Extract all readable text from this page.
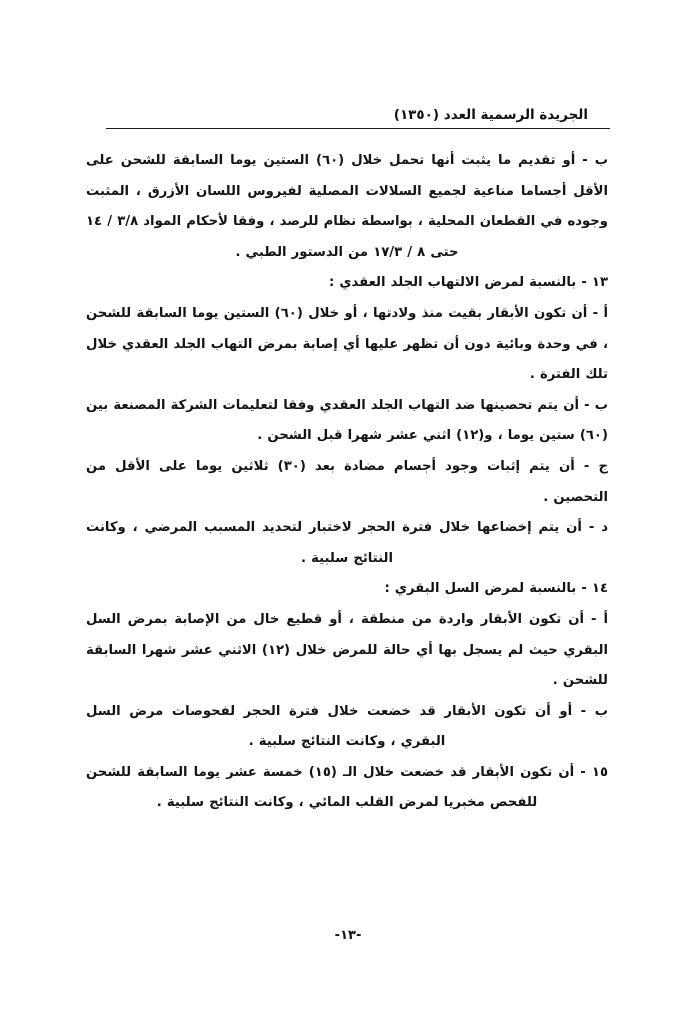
الجريدة الرسمية العدد (١٣٥٠)

ب - أو تقديم ما يثبت أنها تحمل خلال (٦٠) الستين يوما السابقة للشحن على الأقل أجساما مناعية لجميع السلالات المصلية لفيروس اللسان الأزرق ، المثبت وجوده في القطعان المحلية ، بواسطة نظام للرصد ، وفقا لأحكام المواد ٣/٨ / ١٤ حتى ٨ / ١٧/٣ من الدستور الطبي .

١٣ - بالنسبة لمرض الالتهاب الجلد العقدي :

أ - أن تكون الأبقار بقيت منذ ولادتها ، أو خلال (٦٠) الستين يوما السابقة للشحن ، في وحدة وبائية دون أن تظهر عليها أي إصابة بمرض التهاب الجلد العقدي خلال تلك الفترة .

ب - أن يتم تحصينها ضد التهاب الجلد العقدي وفقا لتعليمات الشركة المصنعة بين (٦٠) ستين يوما ، و(١٢) اثني عشر شهرا قبل الشحن .

ج - أن يتم إثبات وجود أجسام مضادة بعد (٣٠) ثلاثين يوما على الأقل من التحصين .

د - أن يتم إخضاعها خلال فترة الحجر لاختبار لتحديد المسبب المرضي ، وكانت النتائج سلبية .

١٤ - بالنسبة لمرض السل البقري :

أ - أن تكون الأبقار واردة من منطقة ، أو قطيع خال من الإصابة بمرض السل البقري حيث لم يسجل بها أي حالة للمرض خلال (١٢) الاثني عشر شهرا السابقة للشحن .

ب - أو أن تكون الأبقار قد خضعت خلال فترة الحجر لفحوصات مرض السل البقري ، وكانت النتائج سلبية .

١٥ - أن تكون الأبقار قد خضعت خلال الـ (١٥) خمسة عشر يوما السابقة للشحن للفحص مخبريا لمرض القلب المائي ، وكانت النتائج سلبية .

-١٣-
